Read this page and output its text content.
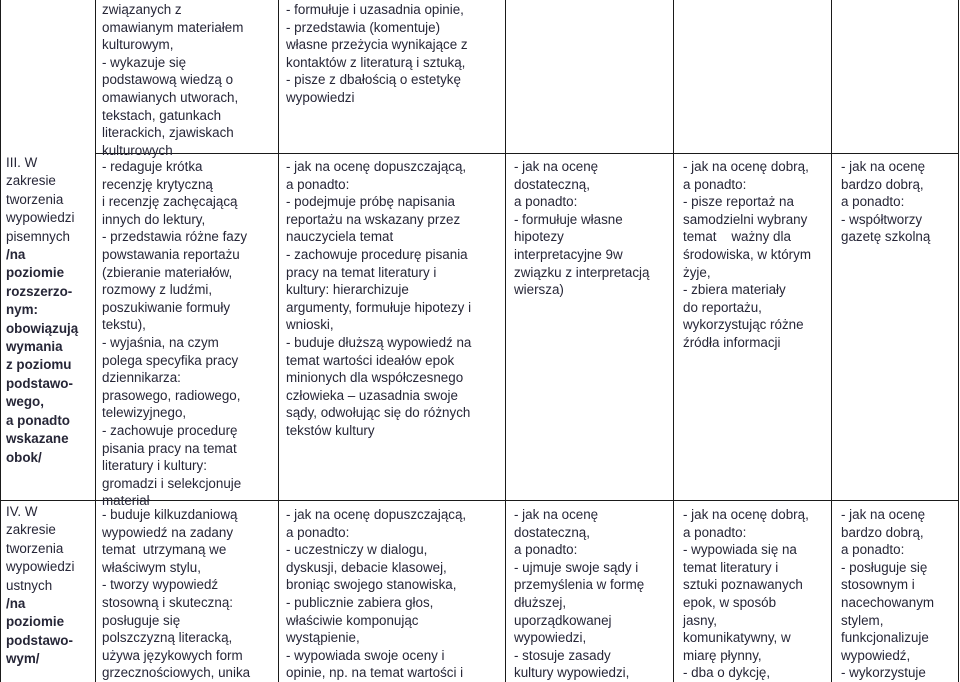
III. W
zakresie
tworzenia
wypowiedzi
pisemnych
/na
poziomie
rozszerzo-
nym:
obowiązują
wymania
z poziomu
podstawo-
wego,
a ponadto
wskazane
obok/
IV. W
zakresie
tworzenia
wypowiedzi
ustnych
/na
poziomie
podstawo-
wym/
związanych z
omawianym materiałem
kulturowym,
- wykazuje się
podstawową wiedzą o
omawianych utworach,
tekstach, gatunkach
literackich, zjawiskach
kulturowych
- redaguje krótka
recenzję krytyczną
i recenzję zachęcającą
innych do lektury,
- przedstawia różne fazy
powstawania reportażu
(zbieranie materiałów,
rozmowy z ludźmi,
poszukiwanie formuły
tekstu),
- wyjaśnia, na czym
polega specyfika pracy
dziennikarza:
prasowego, radiowego,
telewizyjnego,
- zachowuje procedurę
pisania pracy na temat
literatury i kultury:
gromadzi i selekcjonuje
materiał
- buduje kilkuzdaniową
wypowiedź na zadany
temat  utrzymaną we
właściwym stylu,
- tworzy wypowiedź
stosowną i skuteczną:
posługuje się
polszczyzną literacką,
używa językowych form
grzecznościowych, unika
- formułuje i uzasadnia opinie,
- przedstawia (komentuje)
własne przeżycia wynikające z
kontaktów z literaturą i sztuką,
- pisze z dbałością o estetykę
wypowiedzi
- jak na ocenę dopuszczającą,
a ponadto:
- podejmuje próbę napisania
reportażu na wskazany przez
nauczyciela temat
- zachowuje procedurę pisania
pracy na temat literatury i
kultury: hierarchizuje
argumenty, formułuje hipotezy i
wnioski,
- buduje dłuższą wypowiedź na
temat wartości ideałów epok
minionych dla współczesnego
człowieka – uzasadnia swoje
sądy, odwołując się do różnych
tekstów kultury
- jak na ocenę dopuszczającą,
a ponadto:
- uczestniczy w dialogu,
dyskusji, debacie klasowej,
broniąc swojego stanowiska,
- publicznie zabiera głos,
właściwie komponując
wystąpienie,
- wypowiada swoje oceny i
opinie, np. na temat wartości i
- jak na ocenę
dostateczną,
a ponadto:
- formułuje własne
hipotezy
interpretacyjne 9w
związku z interpretacją
wiersza)
- jak na ocenę
dostateczną,
a ponadto:
- ujmuje swoje sądy i
przemyślenia w formę
dłuższej,
uporządkowanej
wypowiedzi,
- stosuje zasady
kultury wypowiedzi,
- jak na ocenę dobrą,
a ponadto:
- pisze reportaż na
samodzielni wybrany
temat    ważny dla
środowiska, w którym
żyje,
- zbiera materiały
do reportażu,
wykorzystując różne
źródła informacji
- jak na ocenę dobrą,
a ponadto:
- wypowiada się na
temat literatury i
sztuki poznawanych
epok, w sposób
jasny,
komunikatywny, w
miarę płynny,
- dba o dykcję,
- jak na ocenę
bardzo dobrą,
a ponadto:
- współtworzy
gazetę szkolną
- jak na ocenę
bardzo dobrą,
a ponadto:
- posługuje się
stosownym i
nacechowanym
stylem,
funkcjonalizuje
wypowiedź,
- wykorzystuje
